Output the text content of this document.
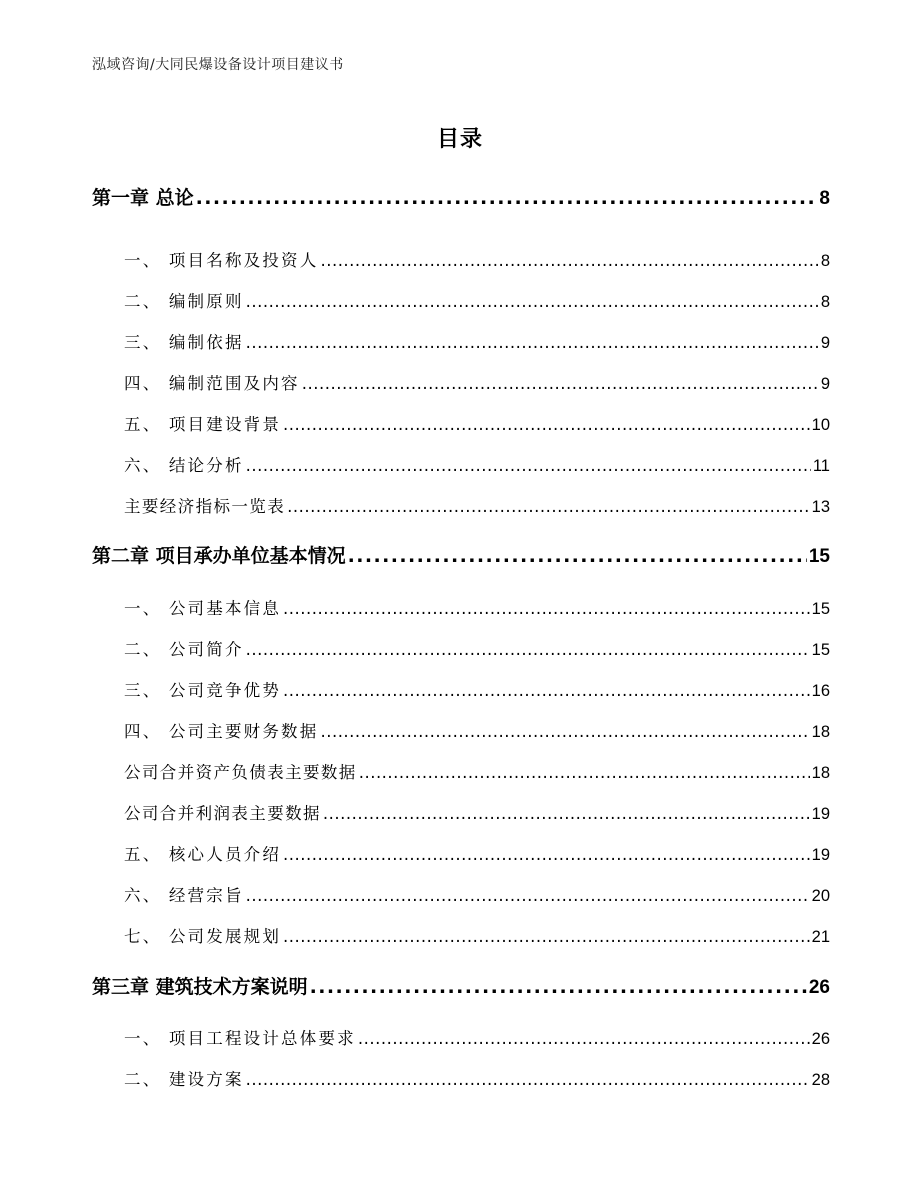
泓域咨询/大同民爆设备设计项目建议书
目录
第一章 总论 .....	8
一、 项目名称及投资人 .....	8
二、 编制原则 .....	8
三、 编制依据 .....	9
四、 编制范围及内容 .....	9
五、 项目建设背景 .....	10
六、 结论分析 .....	11
主要经济指标一览表 .....	13
第二章 项目承办单位基本情况 .....	15
一、 公司基本信息 .....	15
二、 公司简介 .....	15
三、 公司竞争优势 .....	16
四、 公司主要财务数据 .....	18
公司合并资产负债表主要数据 .....	18
公司合并利润表主要数据 .....	19
五、 核心人员介绍 .....	19
六、 经营宗旨 .....	20
七、 公司发展规划 .....	21
第三章 建筑技术方案说明 .....	26
一、 项目工程设计总体要求 .....	26
二、 建设方案 .....	28
